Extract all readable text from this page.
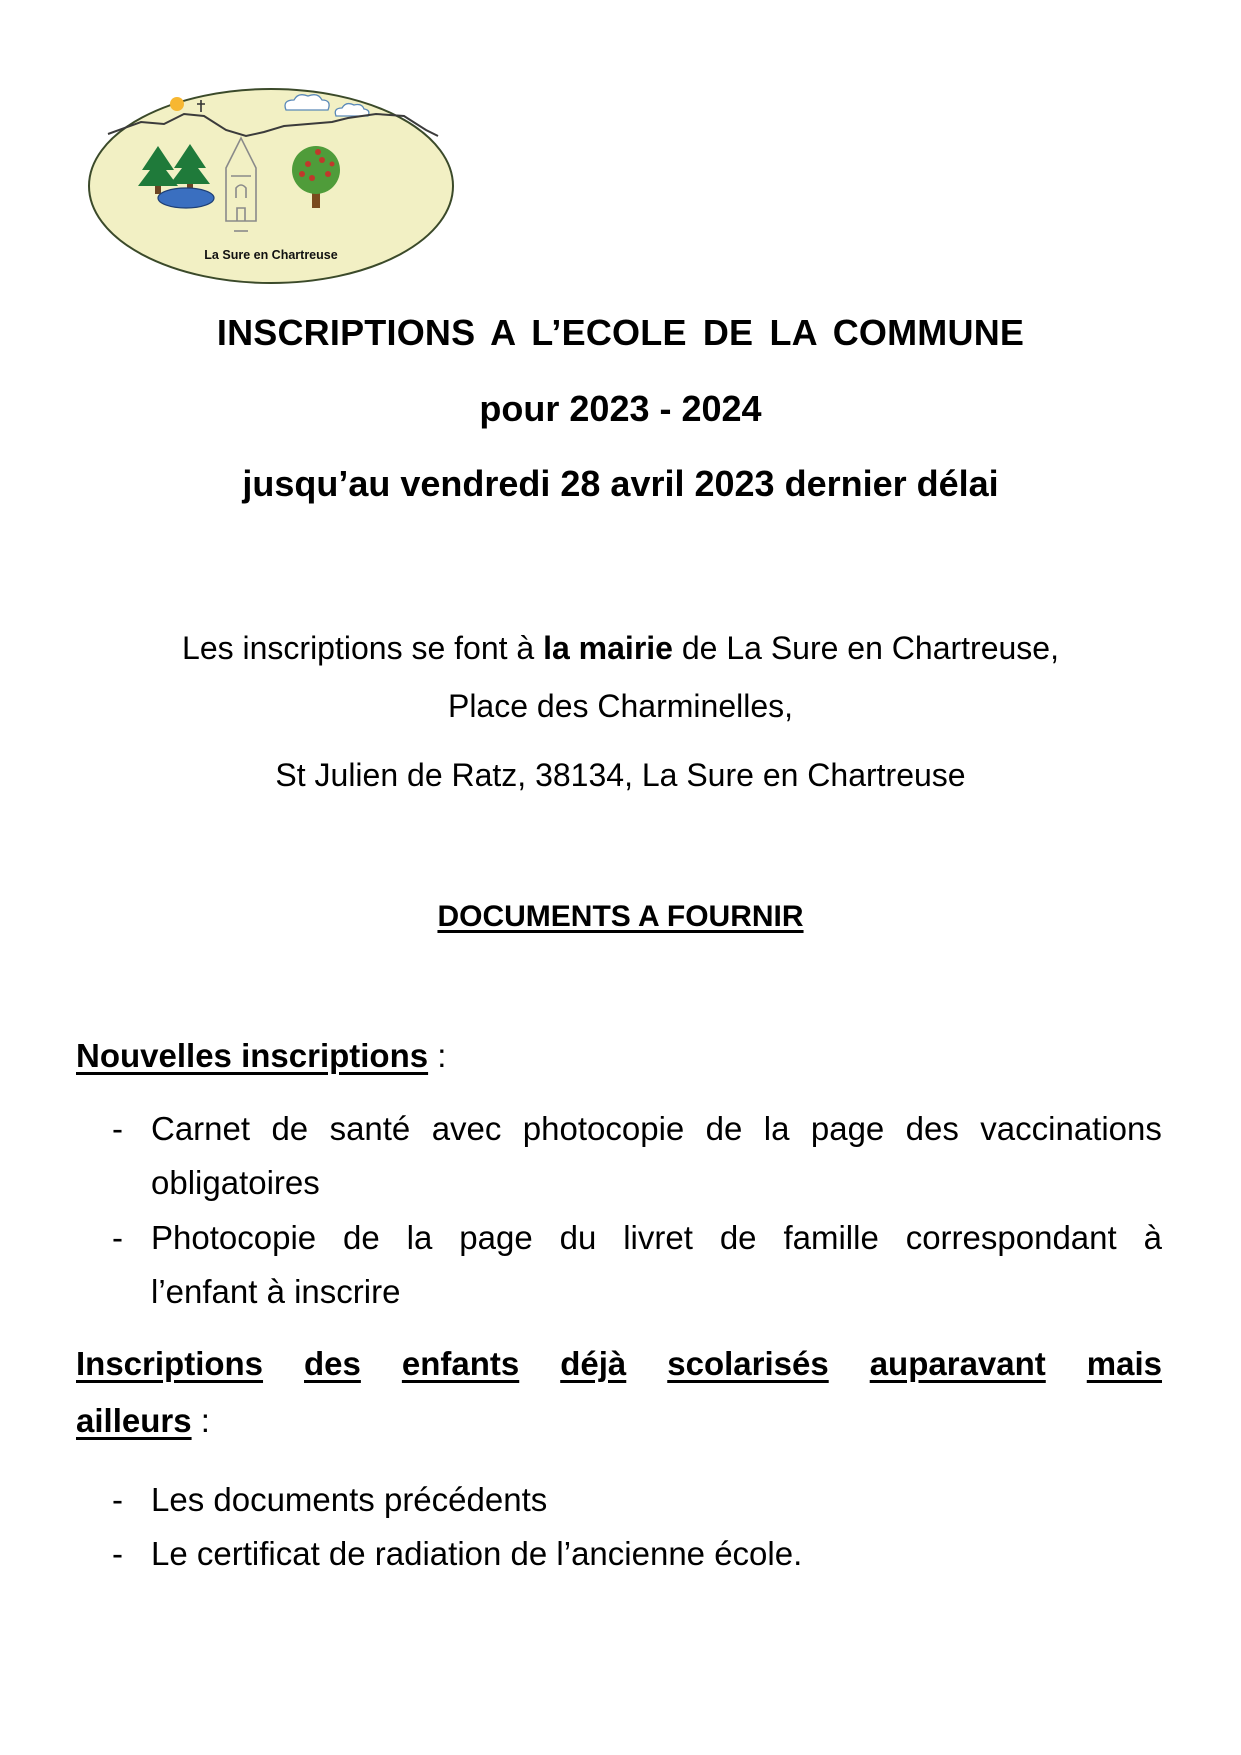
La Sure en Chartreuse
INSCRIPTIONS A L’ECOLE DE LA COMMUNE
pour 2023 - 2024
jusqu’au vendredi 28 avril 2023 dernier délai
Les inscriptions se font à la mairie de La Sure en Chartreuse,
Place des Charminelles,
St Julien de Ratz, 38134, La Sure en Chartreuse
DOCUMENTS A FOURNIR
Nouvelles inscriptions :
- Carnet de santé avec photocopie de la page des vaccinations
obligatoires
- Photocopie de la page du livret de famille correspondant à
l’enfant à inscrire
Inscriptions des enfants déjà scolarisés auparavant mais
ailleurs :
- Les documents précédents
- Le certificat de radiation de l’ancienne école.
